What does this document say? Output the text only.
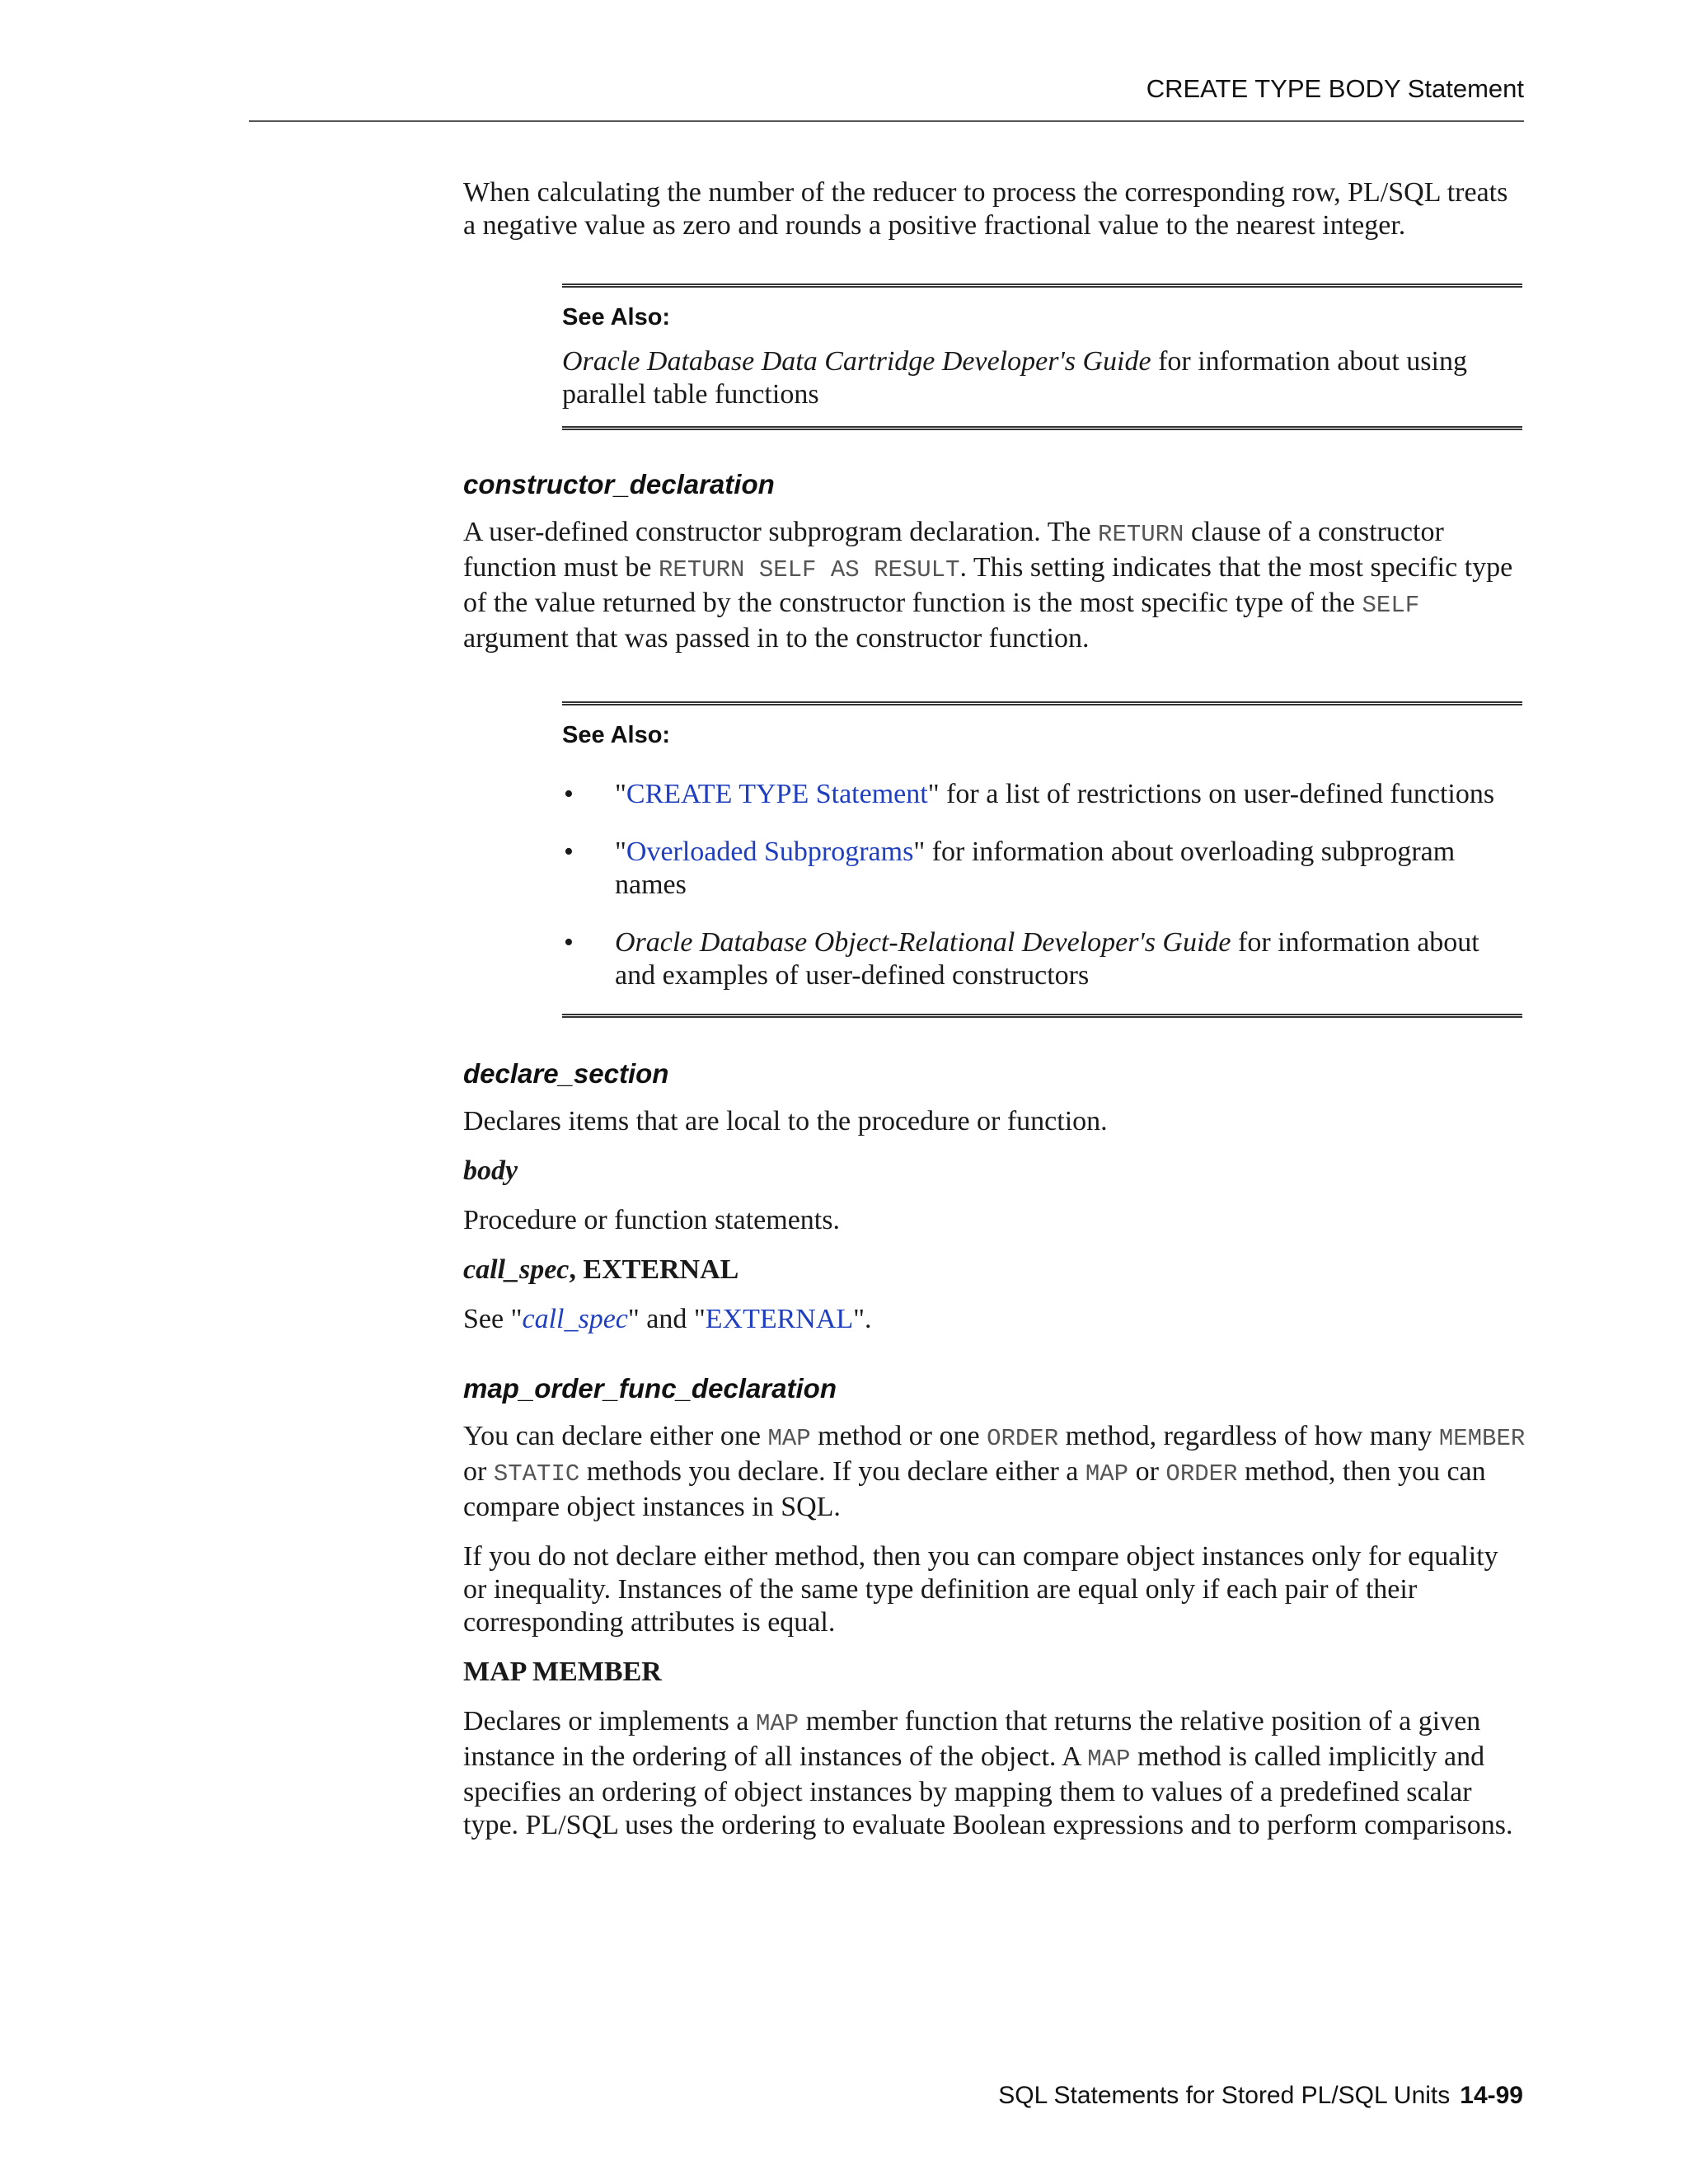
CREATE TYPE BODY Statement

When calculating the number of the reducer to process the corresponding row, PL/SQL treats a negative value as zero and rounds a positive fractional value to the nearest integer.

See Also:

Oracle Database Data Cartridge Developer's Guide for information about using parallel table functions

constructor_declaration

A user-defined constructor subprogram declaration. The RETURN clause of a constructor function must be RETURN SELF AS RESULT. This setting indicates that the most specific type of the value returned by the constructor function is the most specific type of the SELF argument that was passed in to the constructor function.

See Also:
• "CREATE TYPE Statement" for a list of restrictions on user-defined functions
• "Overloaded Subprograms" for information about overloading subprogram names
• Oracle Database Object-Relational Developer's Guide for information about and examples of user-defined constructors
declare_section

Declares items that are local to the procedure or function.

body

Procedure or function statements.

call_spec, EXTERNAL

See "call_spec" and "EXTERNAL".

map_order_func_declaration

You can declare either one MAP method or one ORDER method, regardless of how many MEMBER or STATIC methods you declare. If you declare either a MAP or ORDER method, then you can compare object instances in SQL.

If you do not declare either method, then you can compare object instances only for equality or inequality. Instances of the same type definition are equal only if each pair of their corresponding attributes is equal.

MAP MEMBER

Declares or implements a MAP member function that returns the relative position of a given instance in the ordering of all instances of the object. A MAP method is called implicitly and specifies an ordering of object instances by mapping them to values of a predefined scalar type. PL/SQL uses the ordering to evaluate Boolean expressions and to perform comparisons.

SQL Statements for Stored PL/SQL Units 14-99
